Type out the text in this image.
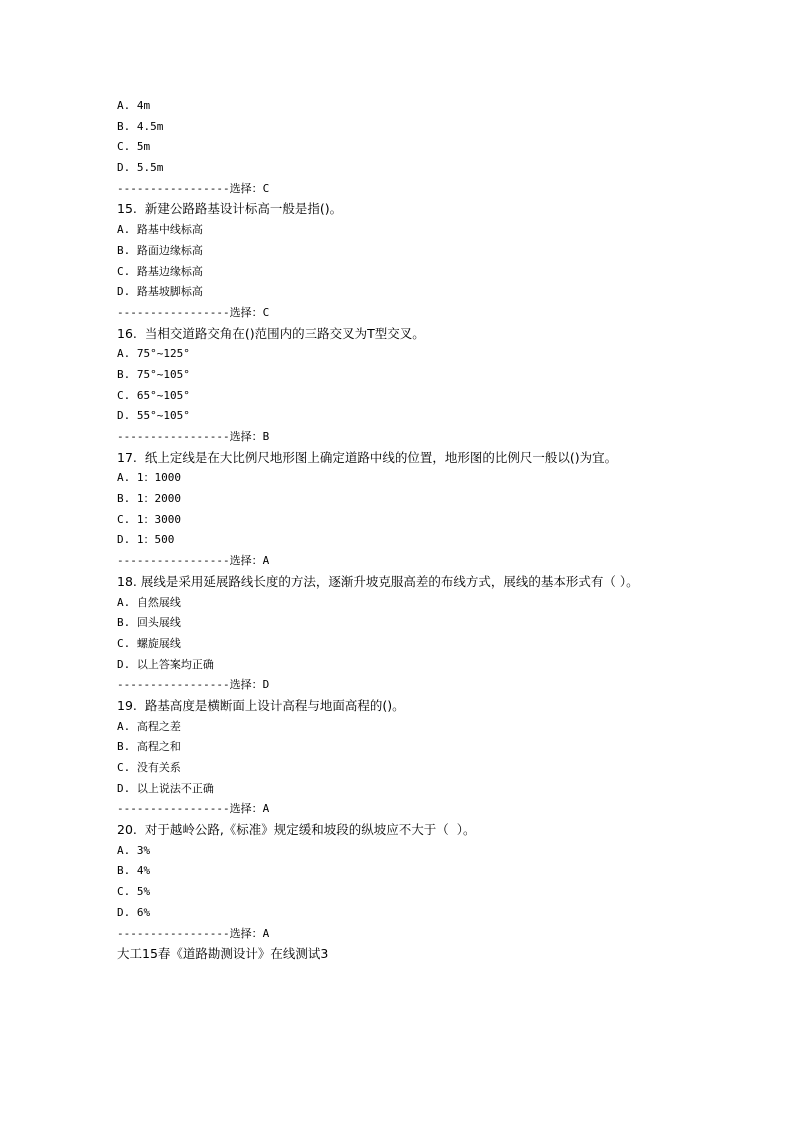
A. 4m
B. 4.5m
C. 5m
D. 5.5m
-----------------选择：C
15.  新建公路路基设计标高一般是指()。
A. 路基中线标高
B. 路面边缘标高
C. 路基边缘标高
D. 路基坡脚标高
-----------------选择：C
16.  当相交道路交角在()范围内的三路交叉为T型交叉。
A. 75°~125°
B. 75°~105°
C. 65°~105°
D. 55°~105°
-----------------选择：B
17.  纸上定线是在大比例尺地形图上确定道路中线的位置，地形图的比例尺一般以()为宜。
A. 1：1000
B. 1：2000
C. 1：3000
D. 1：500
-----------------选择：A
18. 展线是采用延展路线长度的方法，逐渐升坡克服高差的布线方式，展线的基本形式有（ ）。
A. 自然展线
B. 回头展线
C. 螺旋展线
D. 以上答案均正确
-----------------选择：D
19.  路基高度是横断面上设计高程与地面高程的()。
A. 高程之差
B. 高程之和
C. 没有关系
D. 以上说法不正确
-----------------选择：A
20.  对于越岭公路,《标准》规定缓和坡段的纵坡应不大于（  ）。
A. 3%
B. 4%
C. 5%
D. 6%
-----------------选择：A
大工15春《道路勘测设计》在线测试3
